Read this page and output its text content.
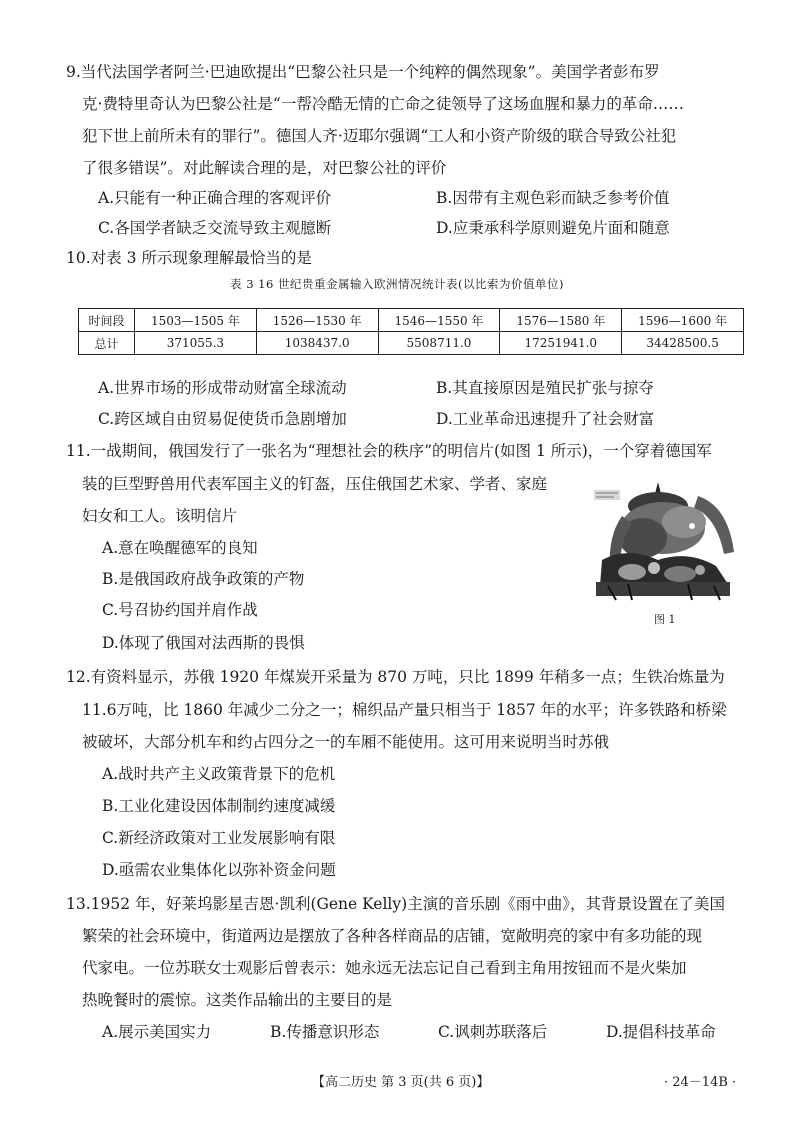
9.当代法国学者阿兰·巴迪欧提出“巴黎公社只是一个纯粹的偶然现象”。美国学者彭布罗
克·费特里奇认为巴黎公社是“一帮冷酷无情的亡命之徒领导了这场血腥和暴力的革命……
犯下世上前所未有的罪行”。德国人齐·迈耶尔强调“工人和小资产阶级的联合导致公社犯
了很多错误”。对此解读合理的是，对巴黎公社的评价
A.只能有一种正确合理的客观评价	B.因带有主观色彩而缺乏参考价值
C.各国学者缺乏交流导致主观臆断	D.应秉承科学原则避免片面和随意
10.对表 3 所示现象理解最恰当的是
表 3 16 世纪贵重金属输入欧洲情况统计表(以比索为价值单位)
时间段	1503—1505 年	1526—1530 年	1546—1550 年	1576—1580 年	1596—1600 年
总计	371055.3	1038437.0	5508711.0	17251941.0	34428500.5
A.世界市场的形成带动财富全球流动	B.其直接原因是殖民扩张与掠夺
C.跨区域自由贸易促使货币急剧增加	D.工业革命迅速提升了社会财富
11.一战期间，俄国发行了一张名为“理想社会的秩序”的明信片(如图 1 所示)，一个穿着德国军
装的巨型野兽用代表军国主义的钉盔，压住俄国艺术家、学者、家庭
妇女和工人。该明信片
A.意在唤醒德军的良知
B.是俄国政府战争政策的产物
C.号召协约国并肩作战
D.体现了俄国对法西斯的畏惧
图 1
12.有资料显示，苏俄 1920 年煤炭开采量为 870 万吨，只比 1899 年稍多一点；生铁冶炼量为
11.6万吨，比 1860 年减少二分之一；棉织品产量只相当于 1857 年的水平；许多铁路和桥梁
被破坏，大部分机车和约占四分之一的车厢不能使用。这可用来说明当时苏俄
A.战时共产主义政策背景下的危机
B.工业化建设因体制制约速度减缓
C.新经济政策对工业发展影响有限
D.亟需农业集体化以弥补资金问题
13.1952 年，好莱坞影星吉恩·凯利(Gene Kelly)主演的音乐剧《雨中曲》，其背景设置在了美国
繁荣的社会环境中，街道两边是摆放了各种各样商品的店铺，宽敞明亮的家中有多功能的现
代家电。一位苏联女士观影后曾表示：她永远无法忘记自己看到主角用按钮而不是火柴加
热晚餐时的震惊。这类作品输出的主要目的是
A.展示美国实力	B.传播意识形态	C.讽刺苏联落后	D.提倡科技革命
【高二历史 第 3 页(共 6 页)】	· 24－14B ·
